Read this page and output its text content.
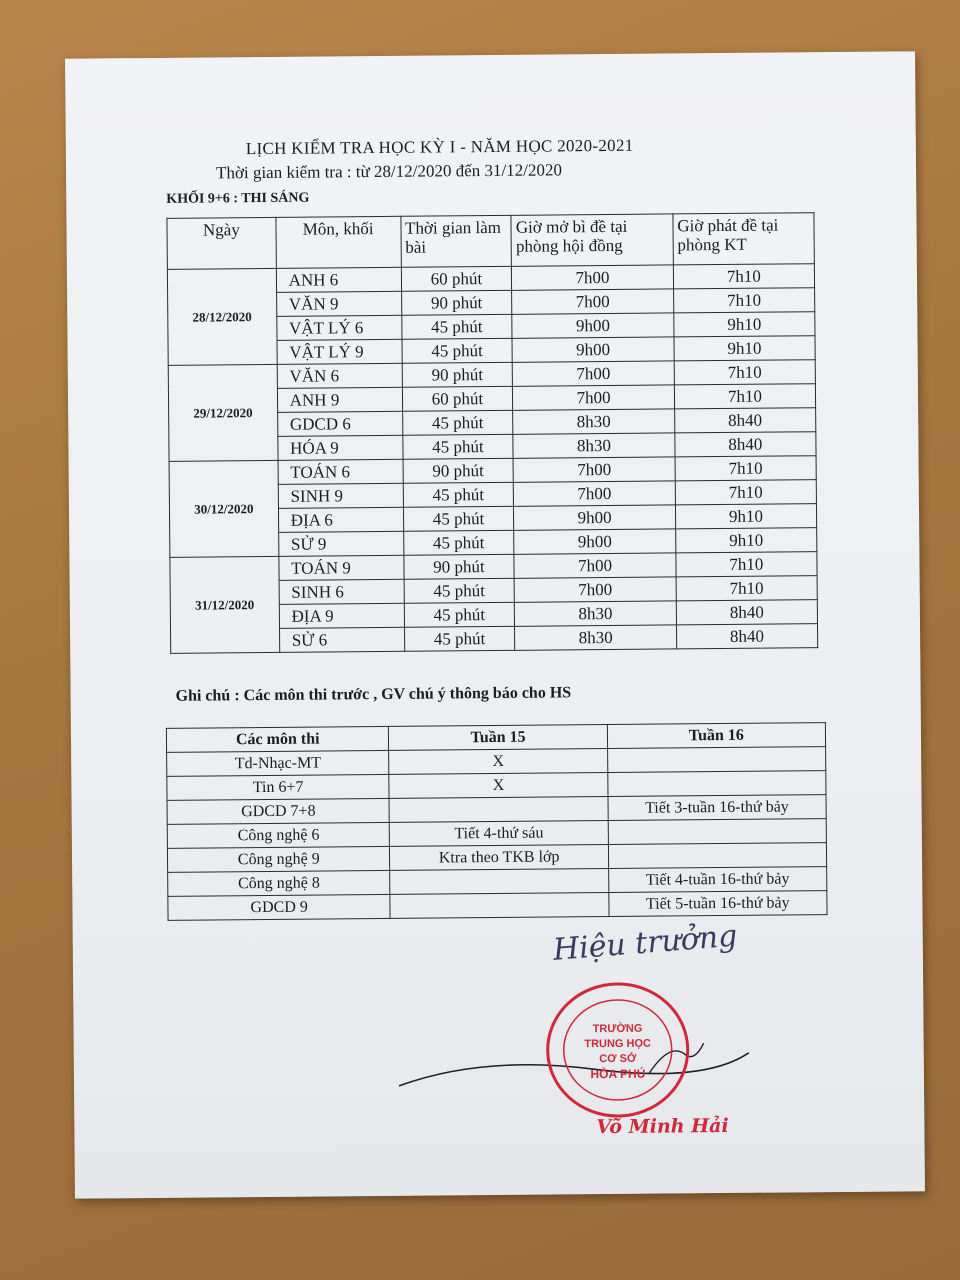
LỊCH KIỂM TRA HỌC KỲ I - NĂM HỌC 2020-2021
Thời gian kiểm tra : từ 28/12/2020 đến 31/12/2020
KHỐI 9+6 : THI SÁNG
Ngày	Môn, khối	Thời gian làm bài	Giờ mở bì đề tại phòng hội đồng	Giờ phát đề tại phòng KT
28/12/2020	ANH 6	60 phút	7h00	7h10
	VĂN 9	90 phút	7h00	7h10
	VẬT LÝ 6	45 phút	9h00	9h10
	VẬT LÝ 9	45 phút	9h00	9h10
29/12/2020	VĂN 6	90 phút	7h00	7h10
	ANH 9	60 phút	7h00	7h10
	GDCD 6	45 phút	8h30	8h40
	HÓA 9	45 phút	8h30	8h40
30/12/2020	TOÁN 6	90 phút	7h00	7h10
	SINH 9	45 phút	7h00	7h10
	ĐỊA 6	45 phút	9h00	9h10
	SỬ 9	45 phút	9h00	9h10
31/12/2020	TOÁN 9	90 phút	7h00	7h10
	SINH 6	45 phút	7h00	7h10
	ĐỊA 9	45 phút	8h30	8h40
	SỬ 6	45 phút	8h30	8h40
Ghi chú : Các môn thi trước , GV chú ý thông báo cho HS
Các môn thi	Tuần 15	Tuần 16
Td-Nhạc-MT	X	
Tin 6+7	X	
GDCD 7+8		Tiết 3-tuần 16-thứ bảy
Công nghệ 6	Tiết 4-thứ sáu	
Công nghệ 9	Ktra theo TKB lớp	
Công nghệ 8		Tiết 4-tuần 16-thứ bảy
GDCD 9		Tiết 5-tuần 16-thứ bảy
Hiệu trưởng
TRƯỜNG
TRUNG HỌC
CƠ SỞ
HÒA PHÚ
Võ Minh Hải
